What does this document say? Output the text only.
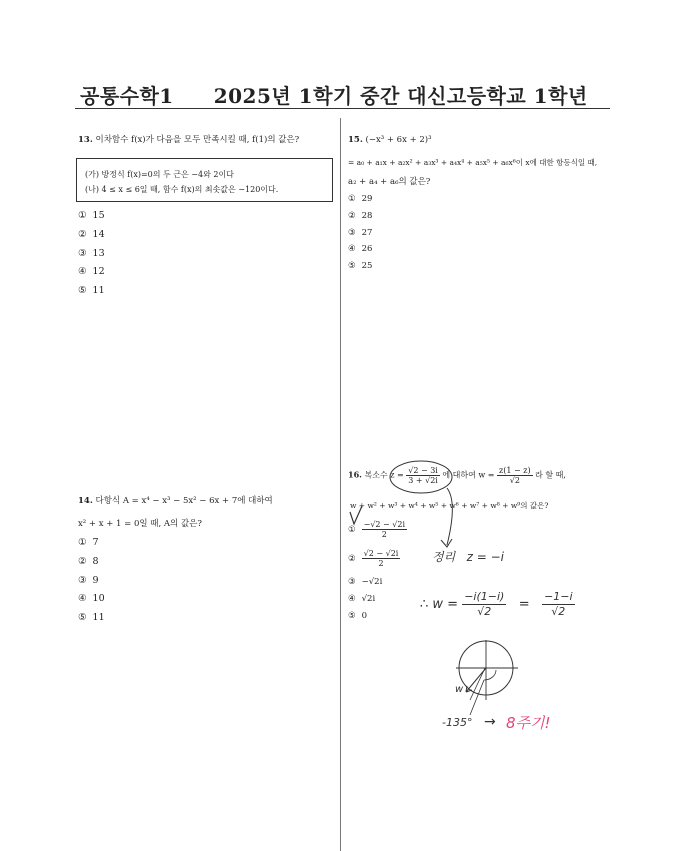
공통수학1 2025년 1학기 중간 대신고등학교 1학년
13. 이차함수 f(x)가 다음을 모두 만족시킬 때, f(1)의 값은?
(가) 방정식 f(x)=0의 두 근은 −4와 2이다
(나) 4 ≤ x ≤ 6일 때, 함수 f(x)의 최솟값은 −120이다.
① 15
② 14
③ 13
④ 12
⑤ 11
14. 다항식 A = x⁴ − x³ − 5x² − 6x + 7에 대하여
x² + x + 1 = 0일 때, A의 값은?
① 7
② 8
③ 9
④ 10
⑤ 11
15. (−x³ + 6x + 2)³
= a₀ + a₁x + a₂x² + a₃x³ + a₄x⁴ + a₅x⁵ + a₆x⁶이 x에 대한 항등식일 때,
a₂ + a₄ + a₆의 값은?
① 29
② 28
③ 27
④ 26
⑤ 25
16. 복소수 $z = \frac{√2 - 3i}{3 + √2i}$ 에 대하여 $w = \frac{z(1 - z)}{√2}$ 라 할 때,
w + w² + w³ + w⁴ + w⁵ + w⁶ + w⁷ + w⁸ + w⁹의 값은?
① $\frac{-√2 - √2i}{2}$
② $\frac{√2 - √2i}{2}$
③ −√2i
④ √2i
⑤ 0
정리 z = −i
∴ $w = \frac{-i(1-i)}{√2} = \frac{-1-i}{√2}$
w
-135° → 8주기!
